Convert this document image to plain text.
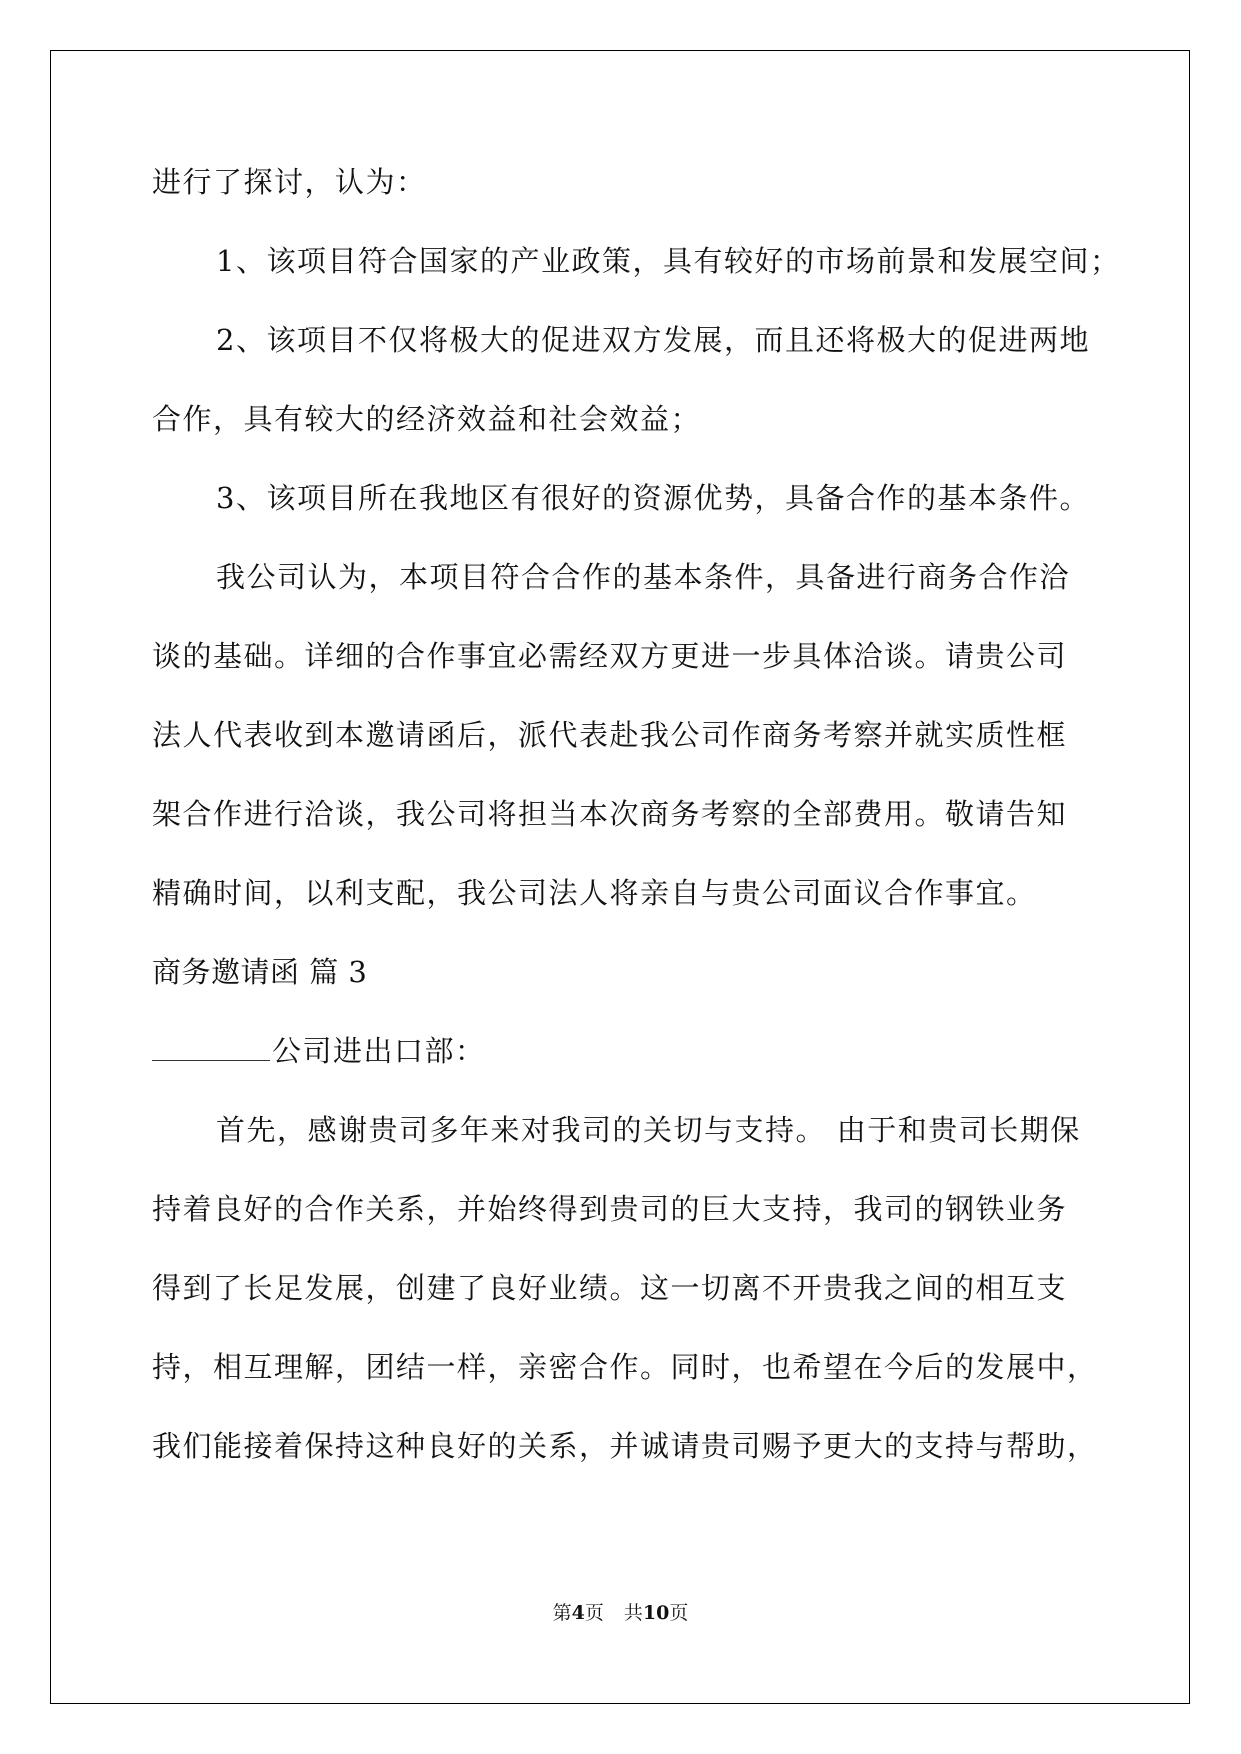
进行了探讨，认为：

1、该项目符合国家的产业政策，具有较好的市场前景和发展空间；

2、该项目不仅将极大的促进双方发展，而且还将极大的促进两地

合作，具有较大的经济效益和社会效益；

3、该项目所在我地区有很好的资源优势，具备合作的基本条件。

我公司认为，本项目符合合作的基本条件，具备进行商务合作洽

谈的基础。详细的合作事宜必需经双方更进一步具体洽谈。请贵公司

法人代表收到本邀请函后，派代表赴我公司作商务考察并就实质性框

架合作进行洽谈，我公司将担当本次商务考察的全部费用。敬请告知

精确时间，以利支配，我公司法人将亲自与贵公司面议合作事宜。

商务邀请函 篇 3

公司进出口部：

首先，感谢贵司多年来对我司的关切与支持。 由于和贵司长期保

持着良好的合作关系，并始终得到贵司的巨大支持，我司的钢铁业务

得到了长足发展，创建了良好业绩。这一切离不开贵我之间的相互支

持，相互理解，团结一样，亲密合作。同时，也希望在今后的发展中，

我们能接着保持这种良好的关系，并诚请贵司赐予更大的支持与帮助，

第4页 共10页
